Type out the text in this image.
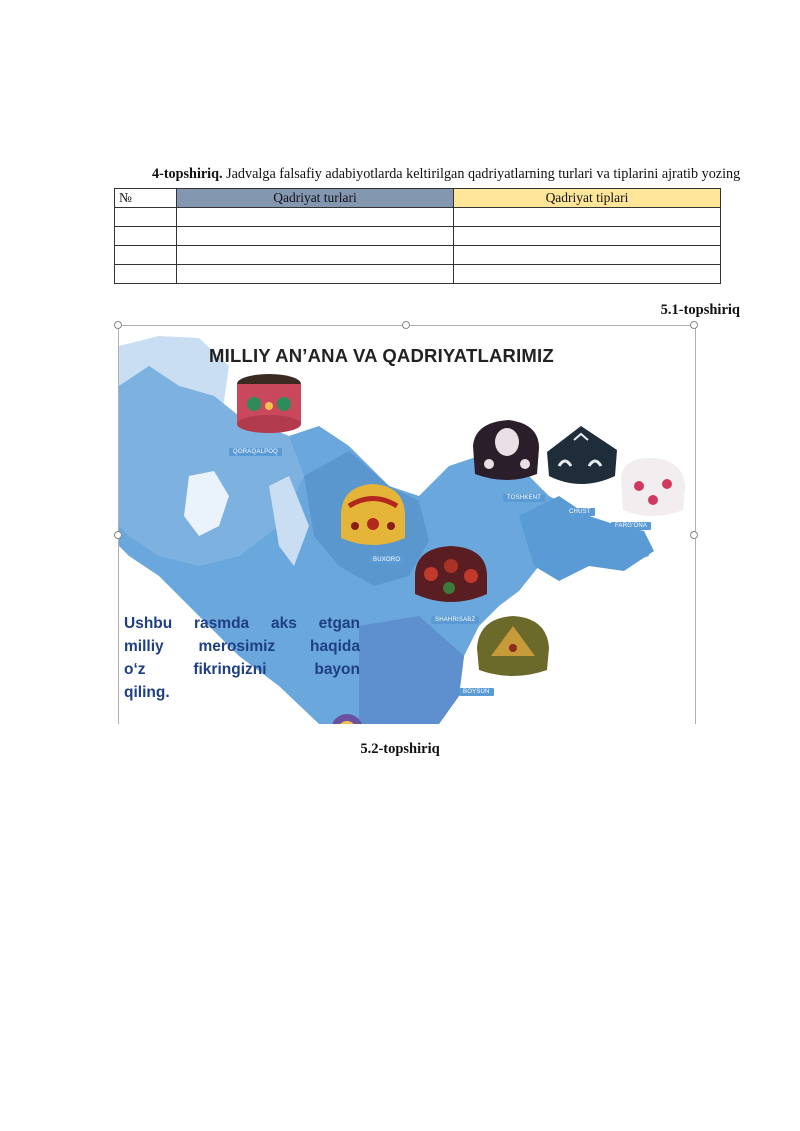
4-topshiriq. Jadvalga falsafiy adabiyotlarda keltirilgan qadriyatlarning turlari va tiplarini ajratib yozing

№	Qadriyat turlari	Qadriyat tiplari

5.1-topshiriq
MILLIY AN’ANA VA QADRIYATLARIMIZ
QORAQALPOQ
BUXORO
TOSHKENT
CHUST
FARG'ONA
SHAHRISABZ
BOYSUN
Ushbu rasmda aks etgan
milliy merosimiz haqida
o‘z fikringizni bayon
qiling.
5.2-topshiriq
